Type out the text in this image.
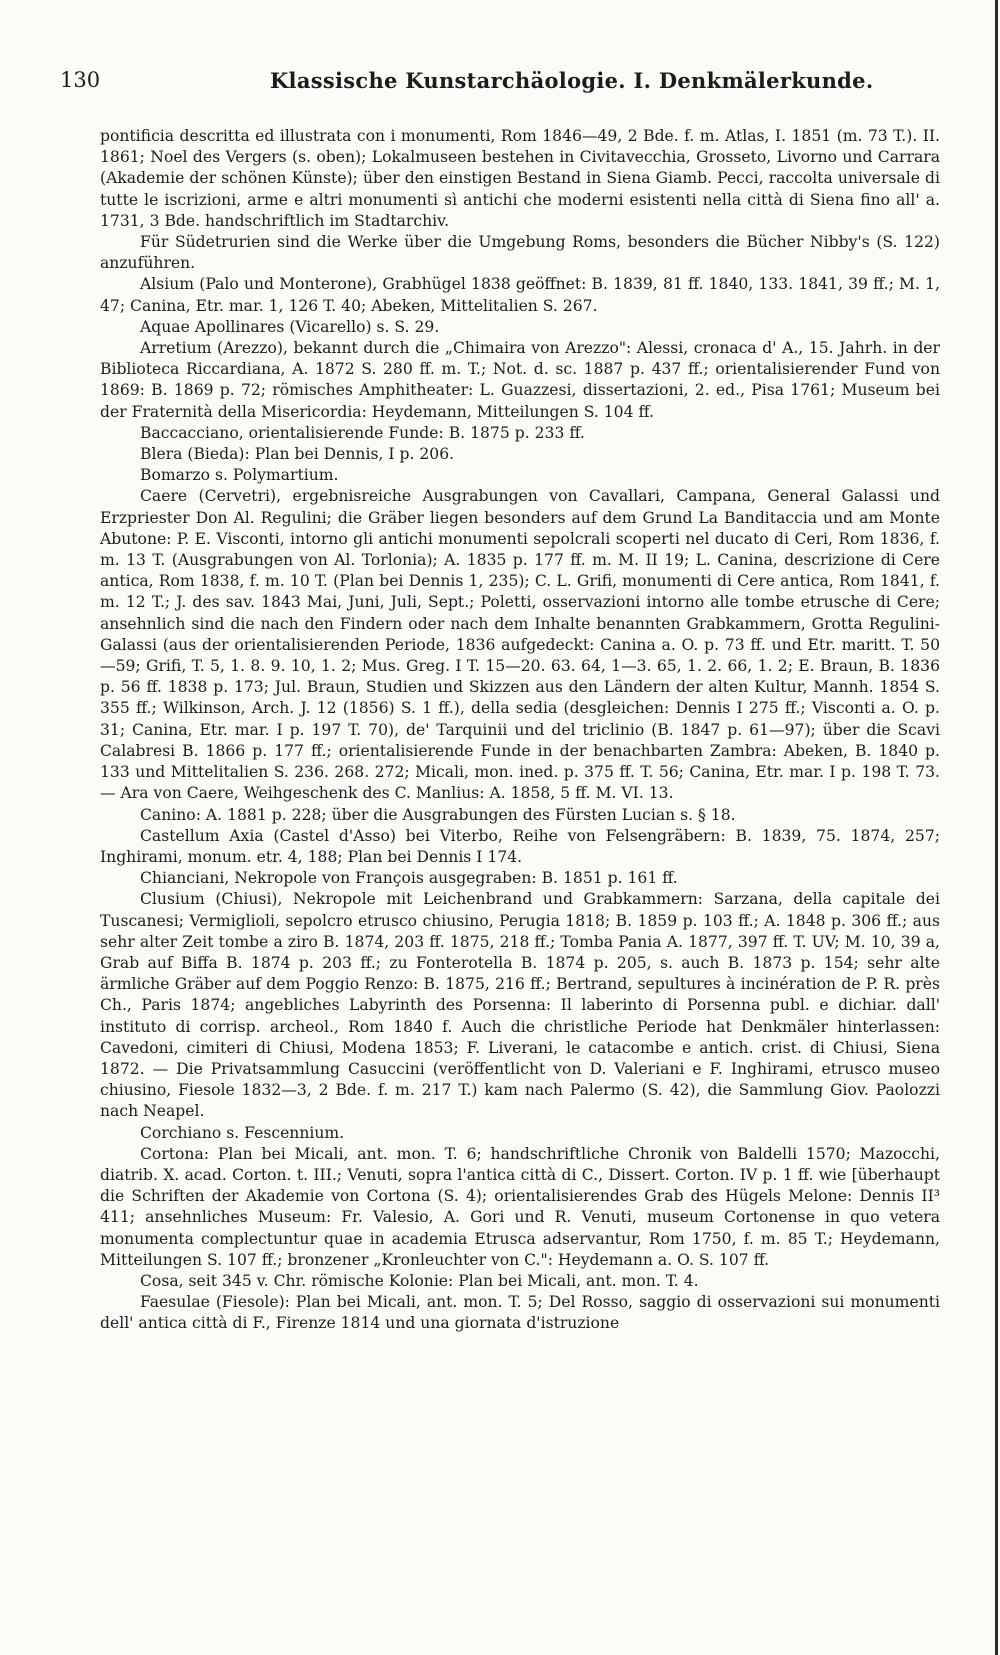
130	Klassische Kunstarchäologie. I. Denkmälerkunde.

pontificia descritta ed illustrata con i monumenti, Rom 1846—49, 2 Bde. f. m. Atlas, I. 1851 (m. 73 T.). II. 1861; Noel des Vergers (s. oben); Lokalmuseen bestehen in Civitavecchia, Grosseto, Livorno und Carrara (Akademie der schönen Künste); über den einstigen Bestand in Siena Giamb. Pecci, raccolta universale di tutte le iscrizioni, arme e altri monumenti sì antichi che moderni esistenti nella città di Siena fino all' a. 1731, 3 Bde. handschriftlich im Stadtarchiv.

Für Südetrurien sind die Werke über die Umgebung Roms, besonders die Bücher Nibby's (S. 122) anzuführen.

Alsium (Palo und Monterone), Grabhügel 1838 geöffnet: B. 1839, 81 ff. 1840, 133. 1841, 39 ff.; M. 1, 47; Canina, Etr. mar. 1, 126 T. 40; Abeken, Mittelitalien S. 267.

Aquae Apollinares (Vicarello) s. S. 29.

Arretium (Arezzo), bekannt durch die „Chimaira von Arezzo": Alessi, cronaca d' A., 15. Jahrh. in der Biblioteca Riccardiana, A. 1872 S. 280 ff. m. T.; Not. d. sc. 1887 p. 437 ff.; orientalisierender Fund von 1869: B. 1869 p. 72; römisches Amphitheater: L. Guazzesi, dissertazioni, 2. ed., Pisa 1761; Museum bei der Fraternità della Misericordia: Heydemann, Mitteilungen S. 104 ff.

Baccacciano, orientalisierende Funde: B. 1875 p. 233 ff.

Blera (Bieda): Plan bei Dennis, I p. 206.

Bomarzo s. Polymartium.

Caere (Cervetri), ergebnisreiche Ausgrabungen von Cavallari, Campana, General Galassi und Erzpriester Don Al. Regulini; die Gräber liegen besonders auf dem Grund La Banditaccia und am Monte Abutone: P. E. Visconti, intorno gli antichi monumenti sepolcrali scoperti nel ducato di Ceri, Rom 1836, f. m. 13 T. (Ausgrabungen von Al. Torlonia); A. 1835 p. 177 ff. m. M. II 19; L. Canina, descrizione di Cere antica, Rom 1838, f. m. 10 T. (Plan bei Dennis 1, 235); C. L. Grifi, monumenti di Cere antica, Rom 1841, f. m. 12 T.; J. des sav. 1843 Mai, Juni, Juli, Sept.; Poletti, osservazioni intorno alle tombe etrusche di Cere; ansehnlich sind die nach den Findern oder nach dem Inhalte benannten Grabkammern, Grotta Regulini-Galassi (aus der orientalisierenden Periode, 1836 aufgedeckt: Canina a. O. p. 73 ff. und Etr. maritt. T. 50—59; Grifi, T. 5, 1. 8. 9. 10, 1. 2; Mus. Greg. I T. 15—20. 63. 64, 1—3. 65, 1. 2. 66, 1. 2; E. Braun, B. 1836 p. 56 ff. 1838 p. 173; Jul. Braun, Studien und Skizzen aus den Ländern der alten Kultur, Mannh. 1854 S. 355 ff.; Wilkinson, Arch. J. 12 (1856) S. 1 ff.), della sedia (desgleichen: Dennis I 275 ff.; Visconti a. O. p. 31; Canina, Etr. mar. I p. 197 T. 70), de' Tarquinii und del triclinio (B. 1847 p. 61—97); über die Scavi Calabresi B. 1866 p. 177 ff.; orientalisierende Funde in der benachbarten Zambra: Abeken, B. 1840 p. 133 und Mittelitalien S. 236. 268. 272; Micali, mon. ined. p. 375 ff. T. 56; Canina, Etr. mar. I p. 198 T. 73. — Ara von Caere, Weihgeschenk des C. Manlius: A. 1858, 5 ff. M. VI. 13.

Canino: A. 1881 p. 228; über die Ausgrabungen des Fürsten Lucian s. § 18.

Castellum Axia (Castel d'Asso) bei Viterbo, Reihe von Felsengräbern: B. 1839, 75. 1874, 257; Inghirami, monum. etr. 4, 188; Plan bei Dennis I 174.

Chianciani, Nekropole von François ausgegraben: B. 1851 p. 161 ff.

Clusium (Chiusi), Nekropole mit Leichenbrand und Grabkammern: Sarzana, della capitale dei Tuscanesi; Vermiglioli, sepolcro etrusco chiusino, Perugia 1818; B. 1859 p. 103 ff.; A. 1848 p. 306 ff.; aus sehr alter Zeit tombe a ziro B. 1874, 203 ff. 1875, 218 ff.; Tomba Pania A. 1877, 397 ff. T. UV; M. 10, 39 a, Grab auf Biffa B. 1874 p. 203 ff.; zu Fonterotella B. 1874 p. 205, s. auch B. 1873 p. 154; sehr alte ärmliche Gräber auf dem Poggio Renzo: B. 1875, 216 ff.; Bertrand, sepultures à incinération de P. R. près Ch., Paris 1874; angebliches Labyrinth des Porsenna: Il laberinto di Porsenna publ. e dichiar. dall' instituto di corrisp. archeol., Rom 1840 f. Auch die christliche Periode hat Denkmäler hinterlassen: Cavedoni, cimiteri di Chiusi, Modena 1853; F. Liverani, le catacombe e antich. crist. di Chiusi, Siena 1872. — Die Privatsammlung Casuccini (veröffentlicht von D. Valeriani e F. Inghirami, etrusco museo chiusino, Fiesole 1832—3, 2 Bde. f. m. 217 T.) kam nach Palermo (S. 42), die Sammlung Giov. Paolozzi nach Neapel.

Corchiano s. Fescennium.

Cortona: Plan bei Micali, ant. mon. T. 6; handschriftliche Chronik von Baldelli 1570; Mazocchi, diatrib. X. acad. Corton. t. III.; Venuti, sopra l'antica città di C., Dissert. Corton. IV p. 1 ff. wie [überhaupt die Schriften der Akademie von Cortona (S. 4); orientalisierendes Grab des Hügels Melone: Dennis II³ 411; ansehnliches Museum: Fr. Valesio, A. Gori und R. Venuti, museum Cortonense in quo vetera monumenta complectuntur quae in academia Etrusca adservantur, Rom 1750, f. m. 85 T.; Heydemann, Mitteilungen S. 107 ff.; bronzener „Kronleuchter von C.": Heydemann a. O. S. 107 ff.

Cosa, seit 345 v. Chr. römische Kolonie: Plan bei Micali, ant. mon. T. 4.

Faesulae (Fiesole): Plan bei Micali, ant. mon. T. 5; Del Rosso, saggio di osservazioni sui monumenti dell' antica città di F., Firenze 1814 und una giornata d'istruzione
